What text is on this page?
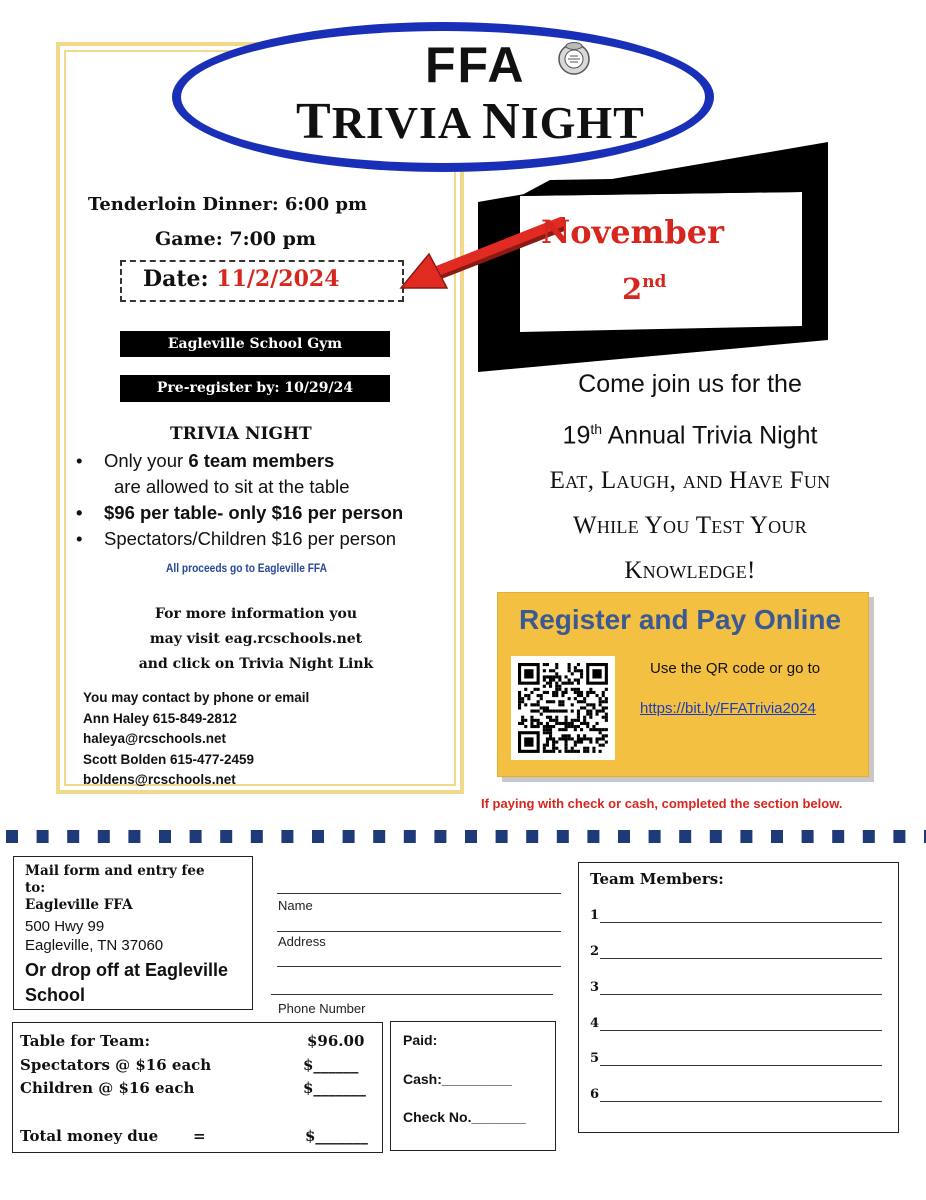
FFA
TRIVIA NIGHT
Tenderloin Dinner: 6:00 pm
Game: 7:00 pm
Date: 11/2/2024
Eagleville School Gym
Pre-register by: 10/29/24
TRIVIA NIGHT
• Only your 6 team members
are allowed to sit at the table
• $96 per table- only $16 per person
• Spectators/Children $16 per person
All proceeds go to Eagleville FFA
For more information you
may visit eag.rcschools.net
and click on Trivia Night Link
You may contact by phone or email
Ann Haley 615-849-2812
haleya@rcschools.net
Scott Bolden 615-477-2459
boldens@rcschools.net
November
2nd
Come join us for the
19th Annual Trivia Night
Eat, Laugh, and Have Fun
While You Test Your
Knowledge!
Register and Pay Online
Use the QR code or go to
https://bit.ly/FFATrivia2024
If paying with check or cash, completed the section below.
Mail form and entry fee
to:
Eagleville FFA
500 Hwy 99
Eagleville, TN 37060
Or drop off at Eagleville School
Name
Address
Phone Number
Table for Team:	$96.00
Spectators @ $16 each	$______
Children @ $16 each	$_______
Total money due =	$_______
Paid:
Cash:_________
Check No._______
Team Members:
1
2
3
4
5
6
